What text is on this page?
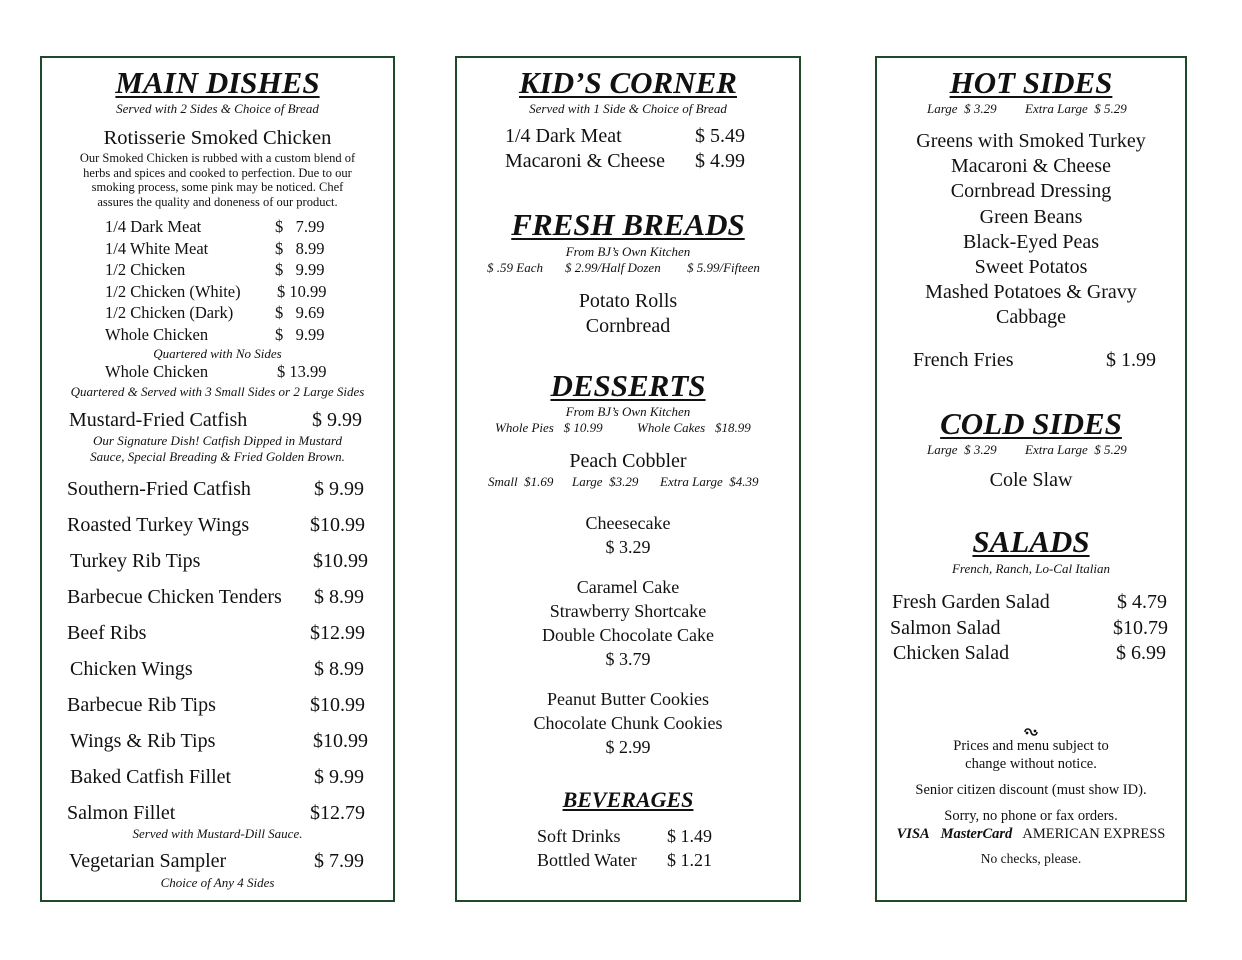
MAIN DISHES
Served with 2 Sides & Choice of Bread
Rotisserie Smoked Chicken
Our Smoked Chicken is rubbed with a custom blend of
herbs and spices and cooked to perfection. Due to our
smoking process, some pink may be noticed. Chef
assures the quality and doneness of our product.
1/4 Dark Meat	$   7.99
1/4 White Meat	$   8.99
1/2 Chicken	$   9.99
1/2 Chicken (White) $ 10.99
1/2 Chicken (Dark)	$   9.69
Whole Chicken	$   9.99
Quartered with No Sides
Whole Chicken	$ 13.99
Quartered & Served with 3 Small Sides or 2 Large Sides
Mustard-Fried Catfish	$ 9.99
Our Signature Dish! Catfish Dipped in Mustard
Sauce, Special Breading & Fried Golden Brown.
Southern-Fried Catfish	$ 9.99
Roasted Turkey Wings	$10.99
Turkey Rib Tips	$10.99
Barbecue Chicken Tenders $ 8.99
Beef Ribs	$12.99
Chicken Wings	$ 8.99
Barbecue Rib Tips	$10.99
Wings & Rib Tips	$10.99
Baked Catfish Fillet	$ 9.99
Salmon Fillet	$12.79
Served with Mustard-Dill Sauce.
Vegetarian Sampler	$ 7.99
Choice of Any 4 Sides
KID’S CORNER
Served with 1 Side & Choice of Bread
1/4 Dark Meat	$ 5.49
Macaroni & Cheese $ 4.99
FRESH BREADS
From BJ’s Own Kitchen
$ .59 Each $ 2.99/Half Dozen $ 5.99/Fifteen
Potato Rolls
Cornbread
DESSERTS
From BJ’s Own Kitchen
Whole Pies   $ 10.99	Whole Cakes   $18.99
Peach Cobbler
Small  $1.69 Large  $3.29 Extra Large  $4.39
Cheesecake
$ 3.29
Caramel Cake
Strawberry Shortcake
Double Chocolate Cake
$ 3.79
Peanut Butter Cookies
Chocolate Chunk Cookies
$ 2.99
BEVERAGES
Soft Drinks	$ 1.49
Bottled Water $ 1.21
HOT SIDES
Large  $ 3.29 Extra Large  $ 5.29
Greens with Smoked Turkey
Macaroni & Cheese
Cornbread Dressing
Green Beans
Black-Eyed Peas
Sweet Potatos
Mashed Potatoes & Gravy
Cabbage
French Fries	$ 1.99
COLD SIDES
Large  $ 3.29 Extra Large  $ 5.29
Cole Slaw
SALADS
French, Ranch, Lo-Cal Italian
Fresh Garden Salad	$ 4.79
Salmon Salad	$10.79
Chicken Salad	$ 6.99
Prices and menu subject to
change without notice.
Senior citizen discount (must show ID).
Sorry, no phone or fax orders.
VISA MasterCard AMERICAN EXPRESS
No checks, please.
